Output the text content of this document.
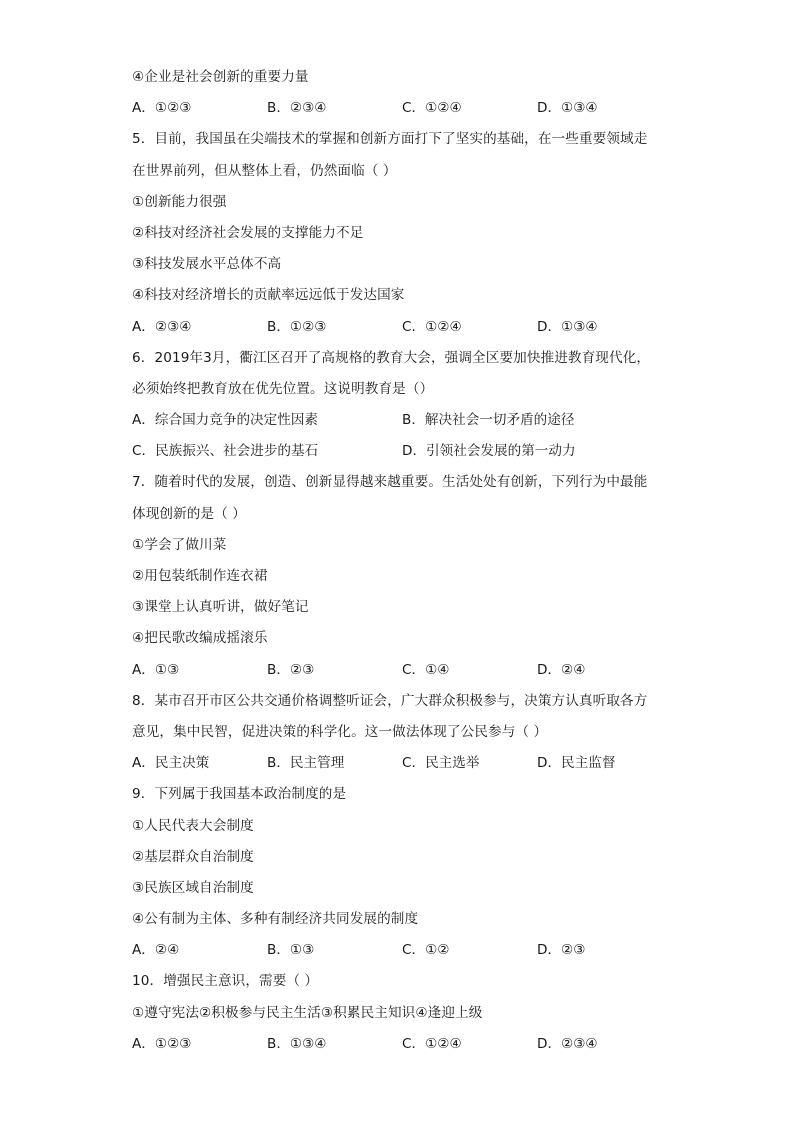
④企业是社会创新的重要力量
A．①②③	B．②③④	C．①②④	D．①③④
5．目前，我国虽在尖端技术的掌握和创新方面打下了坚实的基础，在一些重要领域走
在世界前列，但从整体上看，仍然面临（ ）
①创新能力很强
②科技对经济社会发展的支撑能力不足
③科技发展水平总体不高
④科技对经济增长的贡献率远远低于发达国家
A．②③④	B．①②③	C．①②④	D．①③④
6．2019年3月，衢江区召开了高规格的教育大会，强调全区要加快推进教育现代化，
必须始终把教育放在优先位置。这说明教育是（）
A．综合国力竞争的决定性因素	B．解决社会一切矛盾的途径
C．民族振兴、社会进步的基石	D．引领社会发展的第一动力
7．随着时代的发展，创造、创新显得越来越重要。生活处处有创新，下列行为中最能
体现创新的是（ ）
①学会了做川菜
②用包装纸制作连衣裙
③课堂上认真听讲，做好笔记
④把民歌改编成摇滚乐
A．①③	B．②③	C．①④	D．②④
8．某市召开市区公共交通价格调整听证会，广大群众积极参与，决策方认真听取各方
意见，集中民智，促进决策的科学化。这一做法体现了公民参与（ ）
A．民主决策	B．民主管理	C．民主选举	D．民主监督
9．下列属于我国基本政治制度的是
①人民代表大会制度
②基层群众自治制度
③民族区域自治制度
④公有制为主体、多种有制经济共同发展的制度
A．②④	B．①③	C．①②	D．②③
10．增强民主意识，需要（ ）
①遵守宪法②积极参与民主生活③积累民主知识④逢迎上级
A．①②③	B．①③④	C．①②④	D．②③④
